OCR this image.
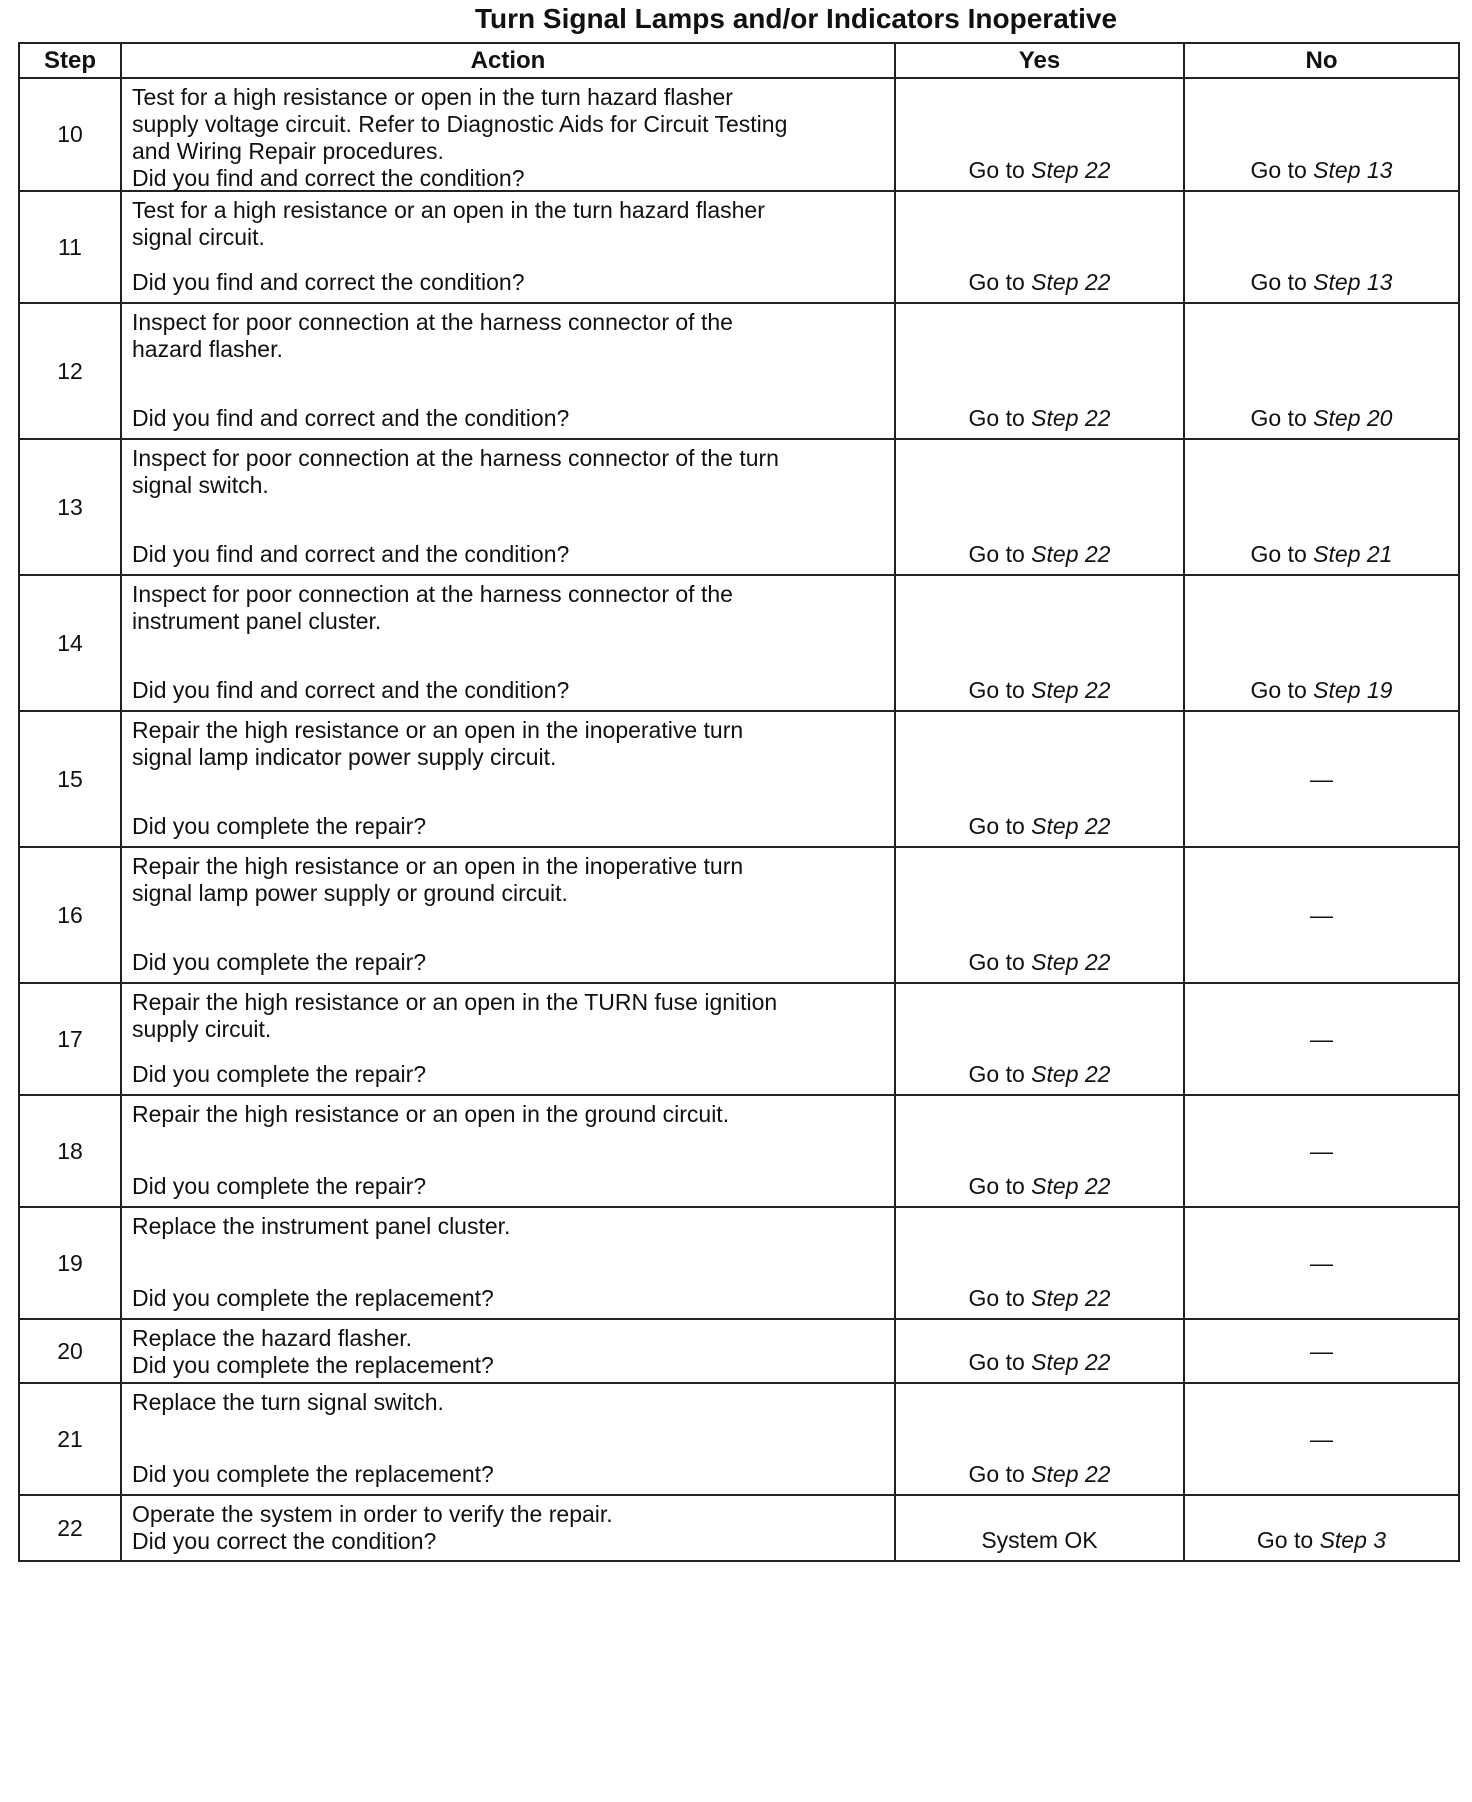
Turn Signal Lamps and/or Indicators Inoperative
Step	Action	Yes	No
10	Test for a high resistance or open in the turn hazard flasher
supply voltage circuit. Refer to Diagnostic Aids for Circuit Testing
and Wiring Repair procedures.
Did you find and correct the condition?	Go to Step 22	Go to Step 13

11	Test for a high resistance or an open in the turn hazard flasher
signal circuit.
Did you find and correct the condition?	Go to Step 22	Go to Step 13

12	Inspect for poor connection at the harness connector of the
hazard flasher.
Did you find and correct and the condition?	Go to Step 22	Go to Step 20

13	Inspect for poor connection at the harness connector of the turn
signal switch.
Did you find and correct and the condition?	Go to Step 22	Go to Step 21

14	Inspect for poor connection at the harness connector of the
instrument panel cluster.
Did you find and correct and the condition?	Go to Step 22	Go to Step 19

15	Repair the high resistance or an open in the inoperative turn
signal lamp indicator power supply circuit.
Did you complete the repair?	Go to Step 22	—
16	Repair the high resistance or an open in the inoperative turn
signal lamp power supply or ground circuit.
Did you complete the repair?	Go to Step 22	—
17	Repair the high resistance or an open in the TURN fuse ignition
supply circuit.
Did you complete the repair?	Go to Step 22	—
18	Repair the high resistance or an open in the ground circuit.
Did you complete the repair?	Go to Step 22	—
19	Replace the instrument panel cluster.
Did you complete the replacement?	Go to Step 22	—
20	Replace the hazard flasher.
Did you complete the replacement?	Go to Step 22	—
21	Replace the turn signal switch.
Did you complete the replacement?	Go to Step 22	—
22	Operate the system in order to verify the repair.
Did you correct the condition?	System OK	Go to Step 3
